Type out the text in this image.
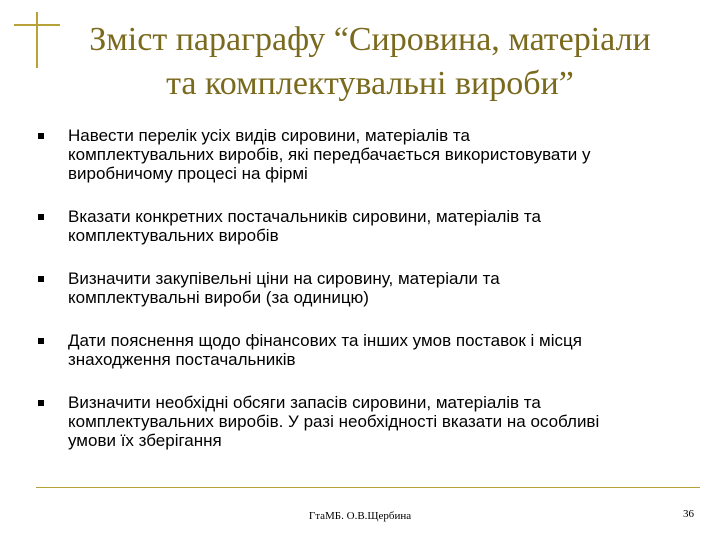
Зміст параграфу “Сировина, матеріали
та комплектувальні вироби”
Навести перелік усіх видів сировини, матеріалів та
комплектувальних виробів, які передбачається використовувати у
виробничому процесі на фірмі
Вказати конкретних постачальників сировини, матеріалів та
комплектувальних виробів
Визначити закупівельні ціни на сировину, матеріали та
комплектувальні вироби (за одиницю)
Дати пояснення щодо фінансових та інших умов поставок і місця
знаходження постачальників
Визначити необхідні обсяги запасів сировини, матеріалів та
комплектувальних виробів. У разі необхідності вказати на особливі
умови їх зберігання
ГтаМБ. О.В.Щербина	36
